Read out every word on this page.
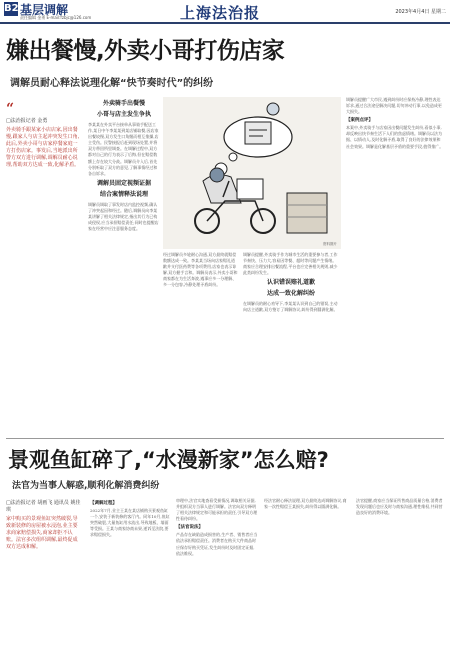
B2 基层调解
责任编辑 金勇 E-mail:fzbjc@126.com	上海法治报	2023年4月4日 星期二
嫌出餐慢,外卖小哥打伤店家
调解员耐心释法说理化解“快节奏时代”的纠纷
“
□法治报记者 金勇
外卖骑手跟某家小店店家,因出餐慢,跟家人与店主起冲突发生口角,此后,外卖小哥与店家停餐家庭一方打伤店家。事发后,当地派出所警方双方进行调解,调解员耐心说理,帮助双方达成一致,化解矛盾。
外卖骑手出餐慢
小哥与店主发生争执
李某某在外卖平台接单从事骑手配送工作,某日中午李某某到某店铺取餐,因店家出餐较慢,双方发生口角继而相互推搡,店主受伤。民警接报后赶到现场处置,并将双方带回所里调查。在调解过程中,双方都对自己的行为表示了后悔,但在赔偿数额上存在较大分歧。调解员介入后,首先分别听取了双方的意见,了解事情经过和各自诉求。
调解员固定视频证据
结合案情释法说理
调解员调取了事发时店内监控视频,确认了冲突起因和经过。随后,调解员向李某某讲解了相关法律规定,指出其行为已构成侵权,应当承担赔偿责任;同时也提醒店家在经营中应注意服务态度。
资料图片
经过调解员多轮耐心沟通,双方最终就赔偿数额达成一致。李某某当场向店家赔礼道歉并支付医药费等各项费用,店家也表示谅解,双方握手言和。调解员表示,外卖小哥和商家都在为生活奔波,遇事应多一分理解、多一分包容,冷静处理矛盾纠纷。
调解员提醒,外卖骑手作为城市生活的重要参与者,工作节奏快、压力大,容易因等餐、超时等问题产生情绪。商家应合理安排出餐流程,平台也应完善相关规则,减少此类纠纷发生。
认识错误赔礼道歉
达成一致化解纠纷
在调解员的耐心劝导下,李某某认识到自己的错误,主动向店主道歉,双方签订了调解协议,纠纷得到圆满化解。
调解员提醒广大市民,遇到纠纷时应保持冷静,理性表达诉求,通过合法途径解决问题,切勿冲动行事,以免造成更大损失。
【案例点评】
本案中,外卖骑手与店家因出餐问题发生纠纷,看似小事,却反映出快节奏生活下人们的焦虑情绪。调解员以法为据、以情动人,及时化解矛盾,取得了良好的法律效果和社会效果。调解是化解基层矛盾的重要手段,值得推广。
景观鱼缸碎了,“水漫新家”怎么赔?
法官为当事人解惑,顺利化解消费纠纷
□法治报记者 胡画飞 通讯员 姚佳琪
家中购买的景观鱼缸突然破裂,导致新装修的房屋被水浸泡,业主要求商家赔偿损失,商家却拒不认账。法官多次组织调解,最终促成双方达成和解。
【调解过程】
2022年7月,业主王某在某店铺购买景观鱼缸一个,安装于新装修的客厅内。同年10月,鱼缸突然破裂,大量鱼缸用水流出,导致地板、墙面等受损。王某与商家协商未果,遂诉至法院,要求赔偿损失。
审理中,法官实地查看受损情况,调取相关证据,并组织双方当事人进行调解。法官向双方释明了相关法律规定和可能承担的责任,引导双方理性看待纠纷。
【法官说法】
产品存在缺陷造成损害的,生产者、销售者应当依法承担赔偿责任。消费者在购买大件商品时应保存好购买凭证,发生纠纷时及时固定证据,依法维权。
经法官耐心释法说理,双方最终达成调解协议,商家一次性赔偿王某损失,纠纷得以圆满化解。
法官提醒,商家应当保证所售商品质量合格,消费者发现问题后也应及时与商家沟通,理性维权,共同营造良好的消费环境。
